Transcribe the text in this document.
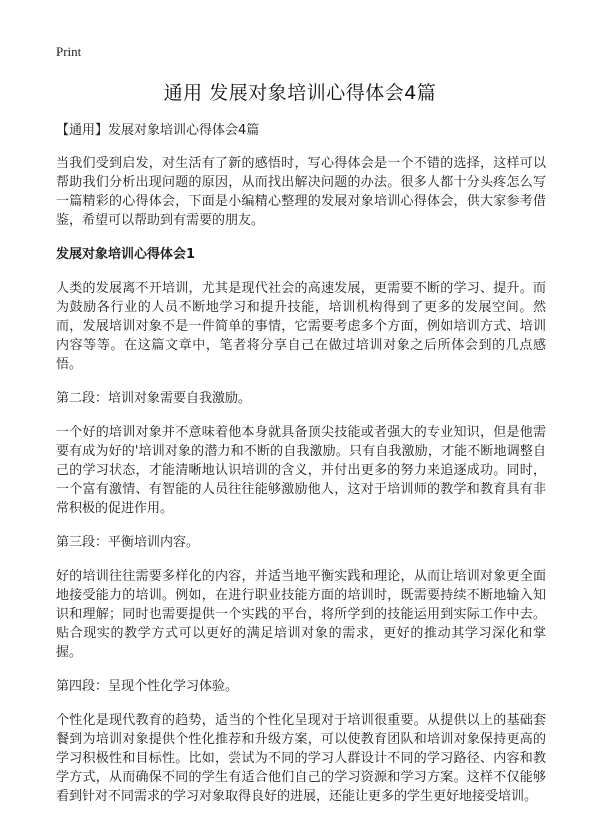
Print
通用 发展对象培训心得体会4篇

【通用】发展对象培训心得体会4篇

当我们受到启发，对生活有了新的感悟时，写心得体会是一个不错的选择，这样可以帮助我们分析出现问题的原因，从而找出解决问题的办法。很多人都十分头疼怎么写一篇精彩的心得体会，下面是小编精心整理的发展对象培训心得体会，供大家参考借鉴，希望可以帮助到有需要的朋友。

发展对象培训心得体会1

人类的发展离不开培训，尤其是现代社会的高速发展，更需要不断的学习、提升。而为鼓励各行业的人员不断地学习和提升技能，培训机构得到了更多的发展空间。然而，发展培训对象不是一件简单的事情，它需要考虑多个方面，例如培训方式、培训内容等等。在这篇文章中，笔者将分享自己在做过培训对象之后所体会到的几点感悟。

第二段：培训对象需要自我激励。

一个好的培训对象并不意味着他本身就具备顶尖技能或者强大的专业知识，但是他需要有成为好的'培训对象的潜力和不断的自我激励。只有自我激励，才能不断地调整自己的学习状态，才能清晰地认识培训的含义，并付出更多的努力来追逐成功。同时，一个富有激情、有智能的人员往往能够激励他人，这对于培训师的教学和教育具有非常积极的促进作用。

第三段：平衡培训内容。

好的培训往往需要多样化的内容，并适当地平衡实践和理论，从而让培训对象更全面地接受能力的培训。例如，在进行职业技能方面的培训时，既需要持续不断地输入知识和理解；同时也需要提供一个实践的平台，将所学到的技能运用到实际工作中去。贴合现实的教学方式可以更好的满足培训对象的需求，更好的推动其学习深化和掌握。

第四段：呈现个性化学习体验。

个性化是现代教育的趋势，适当的个性化呈现对于培训很重要。从提供以上的基础套餐到为培训对象提供个性化推荐和升级方案，可以使教育团队和培训对象保持更高的学习积极性和目标性。比如，尝试为不同的学习人群设计不同的学习路径、内容和教学方式，从而确保不同的学生有适合他们自己的学习资源和学习方案。这样不仅能够看到针对不同需求的学习对象取得良好的进展，还能让更多的学生更好地接受培训。
